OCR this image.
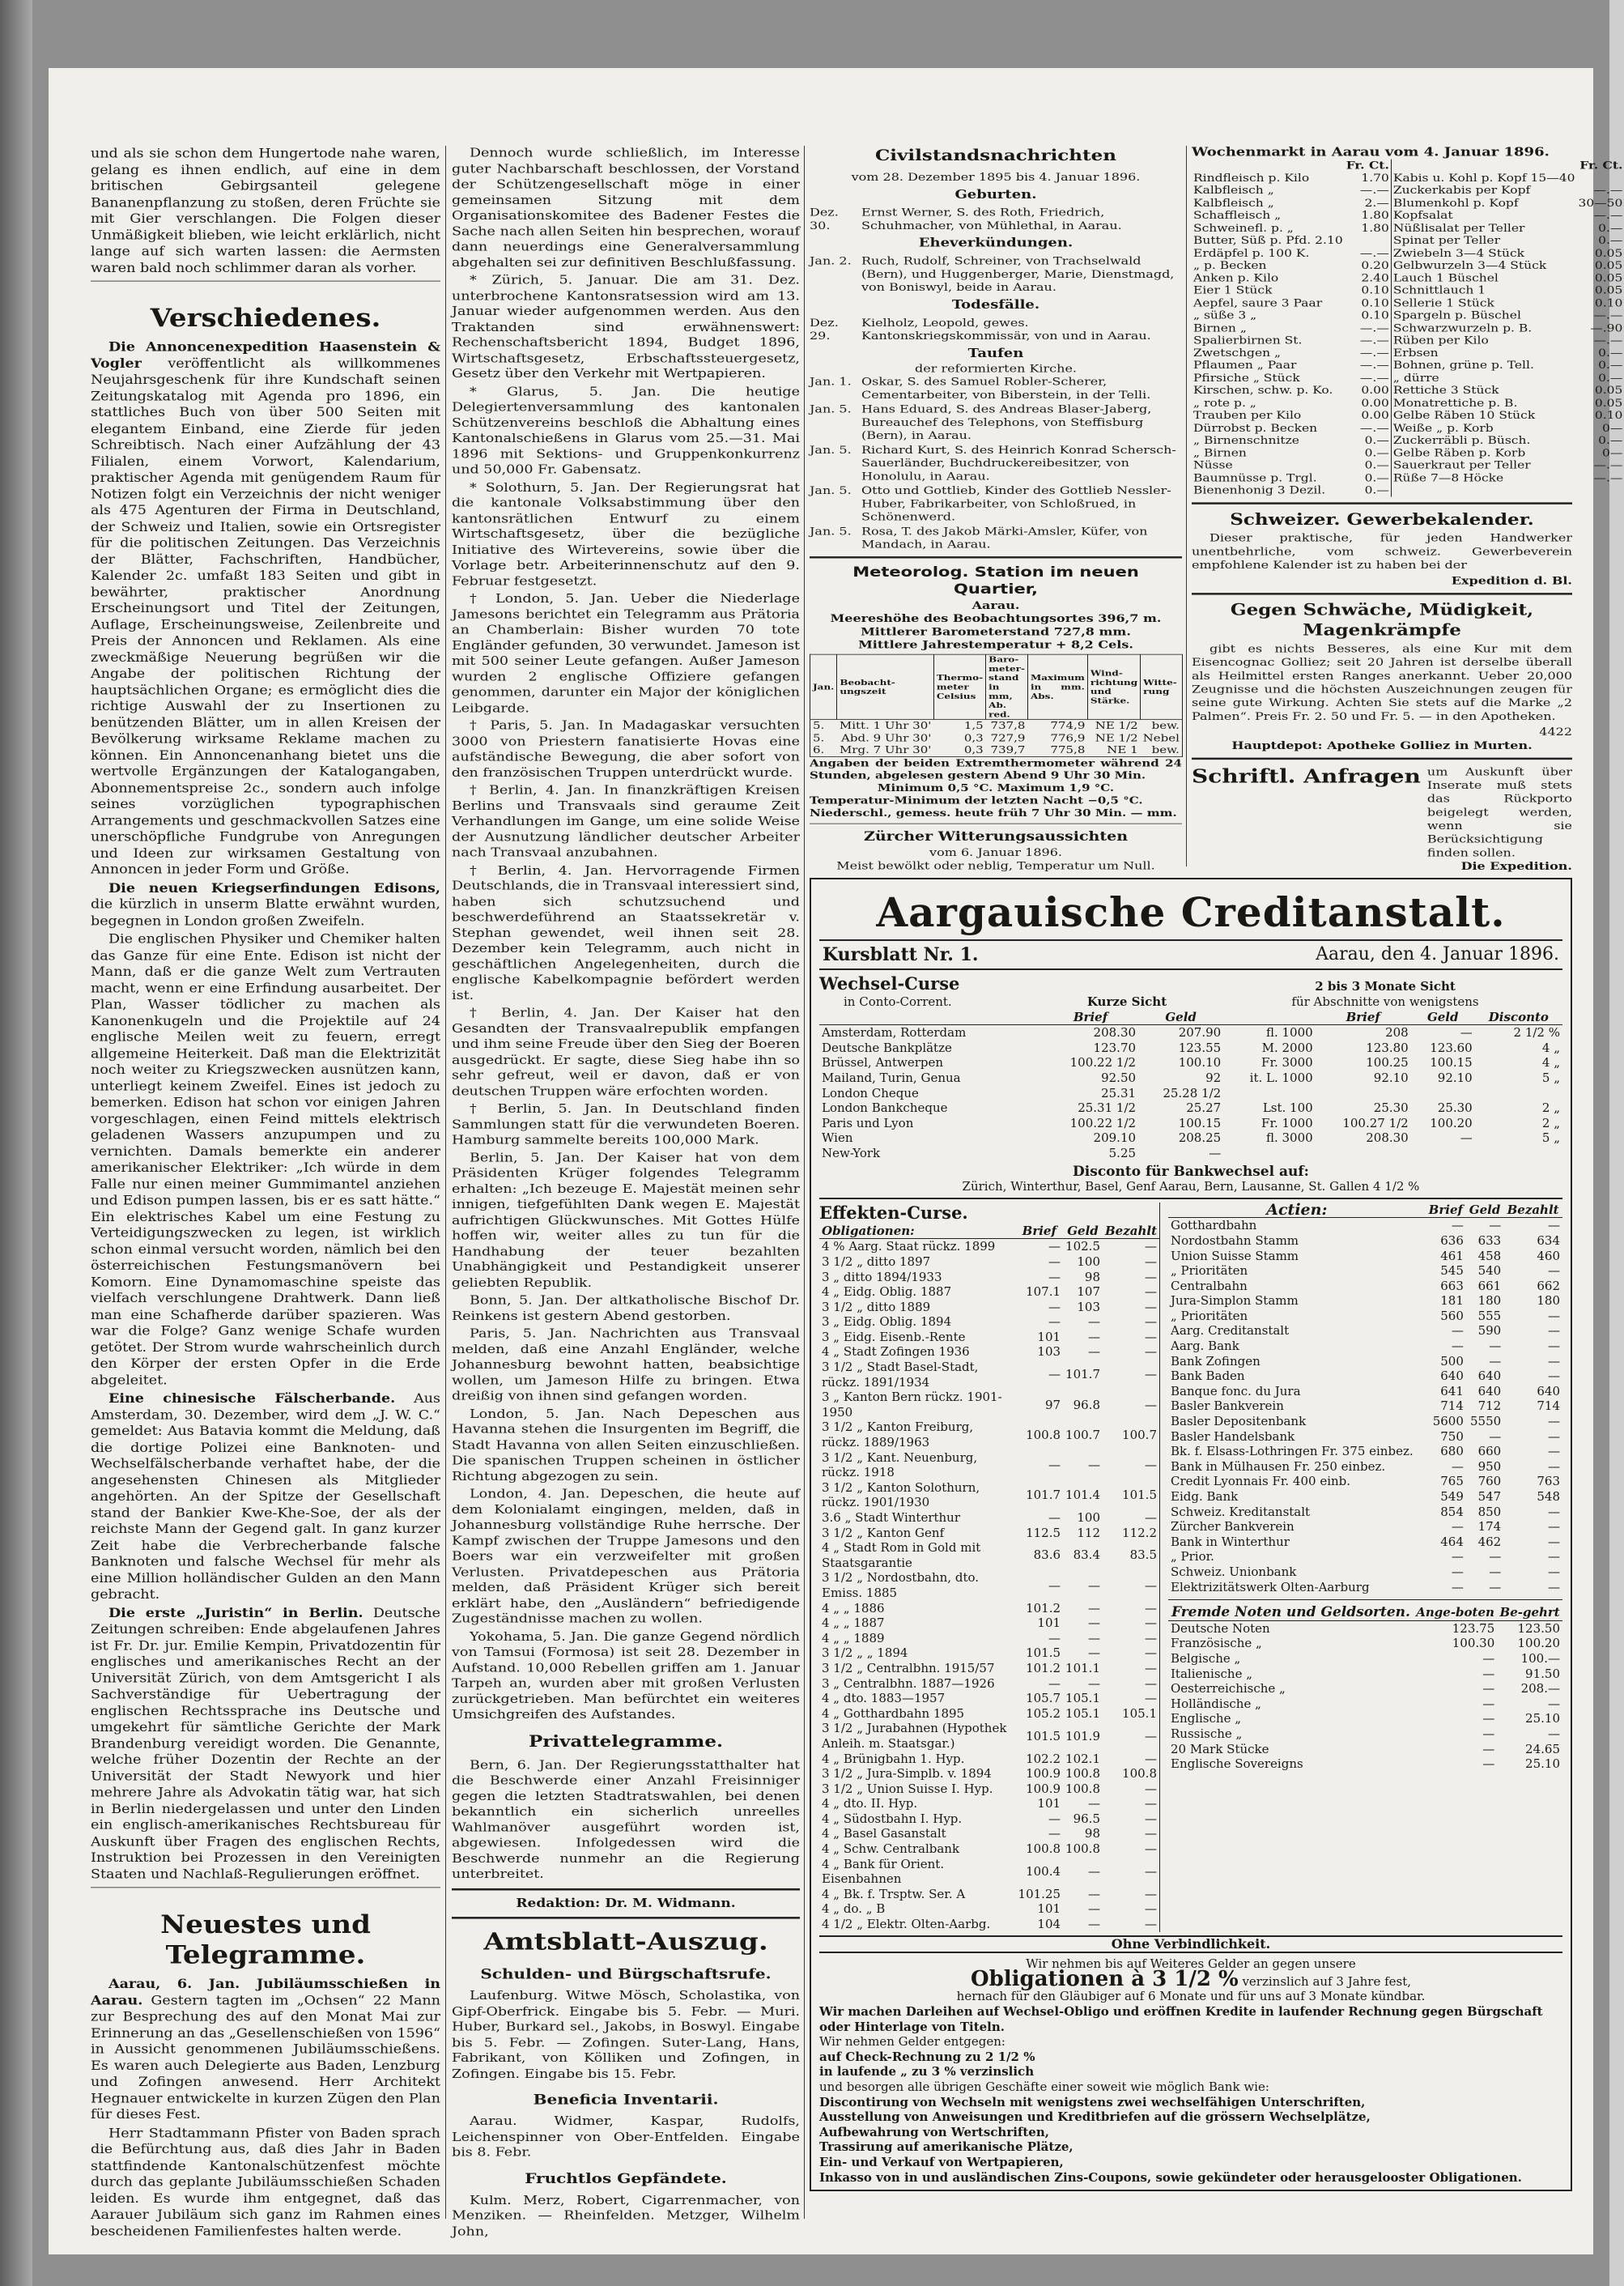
und als sie schon dem Hungertode nahe waren, gelang es ihnen endlich, auf eine in dem britischen Gebirgsanteil gelegene Bananenpflanzung zu stoßen, deren Früchte sie mit Gier verschlangen. Die Folgen dieser Unmäßigkeit blieben, wie leicht erklärlich, nicht lange auf sich warten lassen: die Aermsten waren bald noch schlimmer daran als vorher.

Verschiedenes.

Die Annoncenexpedition Haasenstein & Vogler veröffentlicht als willkommenes Neujahrsgeschenk für ihre Kundschaft seinen Zeitungskatalog mit Agenda pro 1896, ein stattliches Buch von über 500 Seiten mit elegantem Einband, eine Zierde für jeden Schreibtisch. Nach einer Aufzählung der 43 Filialen, einem Vorwort, Kalendarium, praktischer Agenda mit genügendem Raum für Notizen folgt ein Verzeichnis der nicht weniger als 475 Agenturen der Firma in Deutschland, der Schweiz und Italien, sowie ein Ortsregister für die politischen Zeitungen. Das Verzeichnis der Blätter, Fachschriften, Handbücher, Kalender 2c. umfaßt 183 Seiten und gibt in bewährter, praktischer Anordnung Erscheinungsort und Titel der Zeitungen, Auflage, Erscheinungsweise, Zeilenbreite und Preis der Annoncen und Reklamen. Als eine zweckmäßige Neuerung begrüßen wir die Angabe der politischen Richtung der hauptsächlichen Organe; es ermöglicht dies die richtige Auswahl der zu Insertionen zu benützenden Blätter, um in allen Kreisen der Bevölkerung wirksame Reklame machen zu können. Ein Annoncenanhang bietet uns die wertvolle Ergänzungen der Katalogangaben, Abonnementspreise 2c., sondern auch infolge seines vorzüglichen typographischen Arrangements und geschmackvollen Satzes eine unerschöpfliche Fundgrube von Anregungen und Ideen zur wirksamen Gestaltung von Annoncen in jeder Form und Größe.

Die neuen Kriegserfindungen Edisons, die kürzlich in unserm Blatte erwähnt wurden, begegnen in London großen Zweifeln.

Die englischen Physiker und Chemiker halten das Ganze für eine Ente. Edison ist nicht der Mann, daß er die ganze Welt zum Vertrauten macht, wenn er eine Erfindung ausarbeitet. Der Plan, Wasser tödlicher zu machen als Kanonenkugeln und die Projektile auf 24 englische Meilen weit zu feuern, erregt allgemeine Heiterkeit. Daß man die Elektrizität noch weiter zu Kriegszwecken ausnützen kann, unterliegt keinem Zweifel. Eines ist jedoch zu bemerken. Edison hat schon vor einigen Jahren vorgeschlagen, einen Feind mittels elektrisch geladenen Wassers anzupumpen und zu vernichten. Damals bemerkte ein anderer amerikanischer Elektriker: „Ich würde in dem Falle nur einen meiner Gummimantel anziehen und Edison pumpen lassen, bis er es satt hätte.“ Ein elektrisches Kabel um eine Festung zu Verteidigungszwecken zu legen, ist wirklich schon einmal versucht worden, nämlich bei den österreichischen Festungsmanövern bei Komorn. Eine Dynamomaschine speiste das vielfach verschlungene Drahtwerk. Dann ließ man eine Schafherde darüber spazieren. Was war die Folge? Ganz wenige Schafe wurden getötet. Der Strom wurde wahrscheinlich durch den Körper der ersten Opfer in die Erde abgeleitet.

Eine chinesische Fälscherbande. Aus Amsterdam, 30. Dezember, wird dem „J. W. C.“ gemeldet: Aus Batavia kommt die Meldung, daß die dortige Polizei eine Banknoten- und Wechselfälscherbande verhaftet habe, der die angesehensten Chinesen als Mitglieder angehörten. An der Spitze der Gesellschaft stand der Bankier Kwe-Khe-Soe, der als der reichste Mann der Gegend galt. In ganz kurzer Zeit habe die Verbrecherbande falsche Banknoten und falsche Wechsel für mehr als eine Million holländischer Gulden an den Mann gebracht.

Die erste „Juristin“ in Berlin. Deutsche Zeitungen schreiben: Ende abgelaufenen Jahres ist Fr. Dr. jur. Emilie Kempin, Privatdozentin für englisches und amerikanisches Recht an der Universität Zürich, von dem Amtsgericht I als Sachverständige für Uebertragung der englischen Rechtssprache ins Deutsche und umgekehrt für sämtliche Gerichte der Mark Brandenburg vereidigt worden. Die Genannte, welche früher Dozentin der Rechte an der Universität der Stadt Newyork und hier mehrere Jahre als Advokatin tätig war, hat sich in Berlin niedergelassen und unter den Linden ein englisch-amerikanisches Rechtsbureau für Auskunft über Fragen des englischen Rechts, Instruktion bei Prozessen in den Vereinigten Staaten und Nachlaß-Regulierungen eröffnet.

Neuestes und Telegramme.

Aarau, 6. Jan. Jubiläumsschießen in Aarau. Gestern tagten im „Ochsen“ 22 Mann zur Besprechung des auf den Monat Mai zur Erinnerung an das „Gesellenschießen von 1596“ in Aussicht genommenen Jubiläumsschießens. Es waren auch Delegierte aus Baden, Lenzburg und Zofingen anwesend. Herr Architekt Hegnauer entwickelte in kurzen Zügen den Plan für dieses Fest.

Herr Stadtammann Pfister von Baden sprach die Befürchtung aus, daß dies Jahr in Baden stattfindende Kantonalschützenfest möchte durch das geplante Jubiläumsschießen Schaden leiden. Es wurde ihm entgegnet, daß das Aarauer Jubiläum sich ganz im Rahmen eines bescheidenen Familienfestes halten werde.

Dennoch wurde schließlich, im Interesse guter Nachbarschaft beschlossen, der Vorstand der Schützengesellschaft möge in einer gemeinsamen Sitzung mit dem Organisationskomitee des Badener Festes die Sache nach allen Seiten hin besprechen, worauf dann neuerdings eine Generalversammlung abgehalten sei zur definitiven Beschlußfassung.

* Zürich, 5. Januar. Die am 31. Dez. unterbrochene Kantonsratsession wird am 13. Januar wieder aufgenommen werden. Aus den Traktanden sind erwähnenswert: Rechenschaftsbericht 1894, Budget 1896, Wirtschaftsgesetz, Erbschaftssteuergesetz, Gesetz über den Verkehr mit Wertpapieren.

* Glarus, 5. Jan. Die heutige Delegiertenversammlung des kantonalen Schützenvereins beschloß die Abhaltung eines Kantonalschießens in Glarus vom 25.—31. Mai 1896 mit Sektions- und Gruppenkonkurrenz und 50,000 Fr. Gabensatz.

* Solothurn, 5. Jan. Der Regierungsrat hat die kantonale Volksabstimmung über den kantonsrätlichen Entwurf zu einem Wirtschaftsgesetz, über die bezügliche Initiative des Wirtevereins, sowie über die Vorlage betr. Arbeiterinnenschutz auf den 9. Februar festgesetzt.

† London, 5. Jan. Ueber die Niederlage Jamesons berichtet ein Telegramm aus Prätoria an Chamberlain: Bisher wurden 70 tote Engländer gefunden, 30 verwundet. Jameson ist mit 500 seiner Leute gefangen. Außer Jameson wurden 2 englische Offiziere gefangen genommen, darunter ein Major der königlichen Leibgarde.

† Paris, 5. Jan. In Madagaskar versuchten 3000 von Priestern fanatisierte Hovas eine aufständische Bewegung, die aber sofort von den französischen Truppen unterdrückt wurde.

† Berlin, 4. Jan. In finanzkräftigen Kreisen Berlins und Transvaals sind geraume Zeit Verhandlungen im Gange, um eine solide Weise der Ausnutzung ländlicher deutscher Arbeiter nach Transvaal anzubahnen.

† Berlin, 4. Jan. Hervorragende Firmen Deutschlands, die in Transvaal interessiert sind, haben sich schutzsuchend und beschwerdeführend an Staatssekretär v. Stephan gewendet, weil ihnen seit 28. Dezember kein Telegramm, auch nicht in geschäftlichen Angelegenheiten, durch die englische Kabelkompagnie befördert werden ist.

† Berlin, 4. Jan. Der Kaiser hat den Gesandten der Transvaalrepublik empfangen und ihm seine Freude über den Sieg der Boeren ausgedrückt. Er sagte, diese Sieg habe ihn so sehr gefreut, weil er davon, daß er von deutschen Truppen wäre erfochten worden.

† Berlin, 5. Jan. In Deutschland finden Sammlungen statt für die verwundeten Boeren. Hamburg sammelte bereits 100,000 Mark.

Berlin, 5. Jan. Der Kaiser hat von dem Präsidenten Krüger folgendes Telegramm erhalten: „Ich bezeuge E. Majestät meinen sehr innigen, tiefgefühlten Dank wegen E. Majestät aufrichtigen Glückwunsches. Mit Gottes Hülfe hoffen wir, weiter alles zu tun für die Handhabung der teuer bezahlten Unabhängigkeit und Pestandigkeit unserer geliebten Republik.

Bonn, 5. Jan. Der altkatholische Bischof Dr. Reinkens ist gestern Abend gestorben.

Paris, 5. Jan. Nachrichten aus Transvaal melden, daß eine Anzahl Engländer, welche Johannesburg bewohnt hatten, beabsichtige wollen, um Jameson Hilfe zu bringen. Etwa dreißig von ihnen sind gefangen worden.

London, 5. Jan. Nach Depeschen aus Havanna stehen die Insurgenten im Begriff, die Stadt Havanna von allen Seiten einzuschließen. Die spanischen Truppen scheinen in östlicher Richtung abgezogen zu sein.

London, 4. Jan. Depeschen, die heute auf dem Kolonialamt eingingen, melden, daß in Johannesburg vollständige Ruhe herrsche. Der Kampf zwischen der Truppe Jamesons und den Boers war ein verzweifelter mit großen Verlusten. Privatdepeschen aus Prätoria melden, daß Präsident Krüger sich bereit erklärt habe, den „Ausländern“ befriedigende Zugeständnisse machen zu wollen.

Yokohama, 5. Jan. Die ganze Gegend nördlich von Tamsui (Formosa) ist seit 28. Dezember in Aufstand. 10,000 Rebellen griffen am 1. Januar Tarpeh an, wurden aber mit großen Verlusten zurückgetrieben. Man befürchtet ein weiteres Umsichgreifen des Aufstandes.

Privattelegramme.

Bern, 6. Jan. Der Regierungsstatthalter hat die Beschwerde einer Anzahl Freisinniger gegen die letzten Stadtratswahlen, bei denen bekanntlich ein sicherlich unreelles Wahlmanöver ausgeführt worden ist, abgewiesen. Infolgedessen wird die Beschwerde nunmehr an die Regierung unterbreitet.

Redaktion: Dr. M. Widmann.
Amtsblatt-Auszug.
Schulden- und Bürgschaftsrufe.

Laufenburg. Witwe Mösch, Scholastika, von Gipf-Oberfrick. Eingabe bis 5. Febr. — Muri. Huber, Burkard sel., Jakobs, in Boswyl. Eingabe bis 5. Febr. — Zofingen. Suter-Lang, Hans, Fabrikant, von Kölliken und Zofingen, in Zofingen. Eingabe bis 15. Febr.

Beneficia Inventarii.

Aarau. Widmer, Kaspar, Rudolfs, Leichenspinner von Ober-Entfelden. Eingabe bis 8. Febr.

Fruchtlos Gepfändete.

Kulm. Merz, Robert, Cigarrenmacher, von Menziken. — Rheinfelden. Metzger, Wilhelm John,

Civilstandsnachrichten
vom 28. Dezember 1895 bis 4. Januar 1896.
Geburten.
Dez. 30.
Ernst Werner, S. des Roth, Friedrich, Schuhmacher, von Mühlethal, in Aarau.
Eheverkündungen.
Jan. 2. Ruch, Rudolf, Schreiner, von Trachselwald (Bern), und Huggenberger, Marie, Dienstmagd, von Boniswyl, beide in Aarau.
Todesfälle.
Dez. 29.
Kielholz, Leopold, gewes. Kantonskriegskommissär, von und in Aarau.
Taufen
der reformierten Kirche.
Jan. 1. Oskar, S. des Samuel Robler-Scherer, Cementarbeiter, von Biberstein, in der Telli.
Jan. 5. Hans Eduard, S. des Andreas Blaser-Jaberg, Bureauchef des Telephons, von Steffisburg (Bern), in Aarau.
Jan. 5. Richard Kurt, S. des Heinrich Konrad Schersch-Sauerländer, Buchdruckereibesitzer, von Honolulu, in Aarau.
Jan. 5. Otto und Gottlieb, Kinder des Gottlieb Nessler-Huber, Fabrikarbeiter, von Schloßrued, in Schönenwerd.
Jan. 5. Rosa, T. des Jakob Märki-Amsler, Küfer, von Mandach, in Aarau.
Meteorolog. Station im neuen Quartier,
Aarau.
Meereshöhe des Beobachtungsortes 396,7 m.
Mittlerer Barometerstand 727,8 mm.
Mittlere Jahrestemperatur + 8,2 Cels.
Jan.	Beobacht- ungszeit	Thermo- meter Celsius	Baro- meter- stand in mm, Ab. red.	Maximum in mm. Abs.	Wind- richtung und Stärke.	Witte- rung
5.	Mitt. 1 Uhr 30'	1,5	737,8	774,9	NE 1/2	bew.
5.	Abd. 9 Uhr 30'	0,3	727,9	776,9	NE 1/2	Nebel
6.	Mrg. 7 Uhr 30'	0,3	739,7	775,8	NE 1	bew.
Angaben der beiden Extremthermometer während 24 Stunden, abgelesen gestern Abend 9 Uhr 30 Min.
Minimum 0,5 °C. Maximum 1,9 °C.
Temperatur-Minimum der letzten Nacht −0,5 °C.
Niederschl., gemess. heute früh 7 Uhr 30 Min. — mm.
Zürcher Witterungsaussichten
vom 6. Januar 1896.
Meist bewölkt oder neblig, Temperatur um Null.
Wochenmarkt in Aarau vom 4. Januar 1896.
	Fr. Ct.
Rindfleisch p. Kilo	1.70
Kalbfleisch „	—.—
Kalbfleisch „	2.—
Schaffleisch „	1.80
Schweinefl. p. „	1.80
Butter, Süß p. Pfd. 2.10	
Erdäpfel p. 100 K.	—.—
„ p. Becken	0.20
Anken p. Kilo	2.40
Eier 1 Stück	0.10
Aepfel, saure 3 Paar	0.10
„ süße 3 „	0.10
Birnen „	—.—
Spalierbirnen St.	—.—
Zwetschgen „	—.—
Pflaumen „ Paar	—.—
Pfirsiche „ Stück	—.—
Kirschen, schw. p. Ko.	0.00
„ rote p. „	0.00
Trauben per Kilo	0.00
Dürrobst p. Becken	—.—
„ Birnenschnitze	0.—
„ Birnen	0.—
Nüsse	0.—
Baumnüsse p. Trgl.	0.—
Bienenhonig 3 Dezil.	0.—
	Fr. Ct.
Kabis u. Kohl p. Kopf 15—40	
Zuckerkabis per Kopf	—.—
Blumenkohl p. Kopf	30—50
Kopfsalat	—.—
Nüßlisalat per Teller	0.—
Spinat per Teller	0.—
Zwiebeln 3—4 Stück	0.05
Gelbwurzeln 3—4 Stück	0.05
Lauch 1 Büschel	0.05
Schnittlauch 1	0.05
Sellerie 1 Stück	0.10
Spargeln p. Büschel	—.—
Schwarzwurzeln p. B.	—.90
Rüben per Kilo	—.—
Erbsen	0.—
Bohnen, grüne p. Tell.	0.—
„ dürre	0.—
Rettiche 3 Stück	0.05
Monatrettiche p. B.	0.05
Gelbe Räben 10 Stück	0.10
Weiße „ p. Korb	0—
Zuckerräbli p. Büsch.	0.—
Gelbe Räben p. Korb	0—
Sauerkraut per Teller	—.—
Rüße 7—8 Höcke	—.—
Schweizer. Gewerbekalender.

Dieser praktische, für jeden Handwerker unentbehrliche, vom schweiz. Gewerbeverein empfohlene Kalender ist zu haben bei der

Expedition d. Bl.
Gegen Schwäche, Müdigkeit, Magenkrämpfe

gibt es nichts Besseres, als eine Kur mit dem Eisencognac Golliez; seit 20 Jahren ist derselbe überall als Heilmittel ersten Ranges anerkannt. Ueber 20,000 Zeugnisse und die höchsten Auszeichnungen zeugen für seine gute Wirkung. Achten Sie stets auf die Marke „2 Palmen“. Preis Fr. 2. 50 und Fr. 5. — in den Apotheken.

4422
Hauptdepot: Apotheke Golliez in Murten.
Schriftl. Anfragen um Auskunft über Inserate muß stets das Rückporto beigelegt werden, wenn sie Berücksichtigung finden sollen.
Die Expedition.
Aargauische Creditanstalt.
Kursblatt Nr. 1.	Aarau, den 4. Januar 1896.
Wechsel-Curse
in Conto-Corrent.	Kurze Sicht
2 bis 3 Monate Sicht
für Abschnitte von wenigstens
	Brief	Geld		Brief	Geld	Disconto
Amsterdam, Rotterdam	208.30	207.90	fl. 1000	208	—	2 1/2 %
Deutsche Bankplätze	123.70	123.55	M. 2000	123.80	123.60	4 „
Brüssel, Antwerpen	100.22 1/2	100.10	Fr. 3000	100.25	100.15	4 „
Mailand, Turin, Genua	92.50	92	it. L. 1000	92.10	92.10	5 „
London Cheque	25.31	25.28 1/2				
London Bankcheque	25.31 1/2	25.27	Lst. 100	25.30	25.30	2 „
Paris und Lyon	100.22 1/2	100.15	Fr. 1000	100.27 1/2	100.20	2 „
Wien	209.10	208.25	fl. 3000	208.30	—	5 „
New-York	5.25	—				
Disconto für Bankwechsel auf:
Zürich, Winterthur, Basel, Genf Aarau, Bern, Lausanne, St. Gallen 4 1/2 %
Effekten-Curse.
Obligationen:	Brief	Geld	Bezahlt
4 % Aarg. Staat rückz. 1899	—	102.5	—
3 1/2 „ ditto 1897	—	100	—
3 „ ditto 1894/1933	—	98	—
4 „ Eidg. Oblig. 1887	107.1	107	—
3 1/2 „ ditto 1889	—	103	—
3 „ Eidg. Oblig. 1894	—	—	—
3 „ Eidg. Eisenb.-Rente	101	—	—
4 „ Stadt Zofingen 1936	103	—	—
3 1/2 „ Stadt Basel-Stadt, rückz. 1891/1934	—	101.7	—
3 „ Kanton Bern rückz. 1901-1950	97	96.8	—
3 1/2 „ Kanton Freiburg, rückz. 1889/1963	100.8	100.7	100.7
3 1/2 „ Kant. Neuenburg, rückz. 1918	—	—	—
3 1/2 „ Kanton Solothurn, rückz. 1901/1930	101.7	101.4	101.5
3.6 „ Stadt Winterthur	—	100	—
3 1/2 „ Kanton Genf	112.5	112	112.2
4 „ Stadt Rom in Gold mit Staatsgarantie	83.6	83.4	83.5
3 1/2 „ Nordostbahn, dto. Emiss. 1885	—	—	—
4 „ „ 1886	101.2	—	—
4 „ „ 1887	101	—	—
4 „ „ 1889	—	—	—
3 1/2 „ „ 1894	101.5	—	—
3 1/2 „ Centralbhn. 1915/57	101.2	101.1	—
3 „ Centralbhn. 1887—1926	—	—	—
4 „ dto. 1883—1957	105.7	105.1	—
4 „ Gotthardbahn 1895	105.2	105.1	105.1
3 1/2 „ Jurabahnen (Hypothek Anleih. m. Staatsgar.)	101.5	101.9	—
4 „ Brünigbahn 1. Hyp.	102.2	102.1	—
3 1/2 „ Jura-Simplb. v. 1894	100.9	100.8	100.8
3 1/2 „ Union Suisse I. Hyp.	100.9	100.8	—
4 „ dto. II. Hyp.	101	—	—
4 „ Südostbahn I. Hyp.	—	96.5	—
4 „ Basel Gasanstalt	—	98	—
4 „ Schw. Centralbank	100.8	100.8	—
4 „ Bank für Orient. Eisenbahnen	100.4	—	—
4 „ Bk. f. Trsptw. Ser. A	101.25	—	—
4 „ do. „ B	101	—	—
4 1/2 „ Elektr. Olten-Aarbg.	104	—	—
Actien:	Brief	Geld	Bezahlt
Gotthardbahn	—	—	—
Nordostbahn Stamm	636	633	634
Union Suisse Stamm	461	458	460
„ Prioritäten	545	540	—
Centralbahn	663	661	662
Jura-Simplon Stamm	181	180	180
„ Prioritäten	560	555	—
Aarg. Creditanstalt	—	590	—
Aarg. Bank	—	—	—
Bank Zofingen	500	—	—
Bank Baden	640	640	—
Banque fonc. du Jura	641	640	640
Basler Bankverein	714	712	714
Basler Depositenbank	5600	5550	—
Basler Handelsbank	750	—	—
Bk. f. Elsass-Lothringen Fr. 375 einbez.	680	660	—
Bank in Mülhausen Fr. 250 einbez.	—	950	—
Credit Lyonnais Fr. 400 einb.	765	760	763
Eidg. Bank	549	547	548
Schweiz. Kreditanstalt	854	850	—
Zürcher Bankverein	—	174	—
Bank in Winterthur	464	462	—
„ Prior.	—	—	—
Schweiz. Unionbank	—	—	—
Elektrizitätswerk Olten-Aarburg	—	—	—
Fremde Noten und Geldsorten.	Ange-boten	Be-gehrt
Deutsche Noten	123.75	123.50
Französische „	100.30	100.20
Belgische „	—	100.—
Italienische „	—	91.50
Oesterreichische „	—	208.—
Holländische „	—	—
Englische „	—	25.10
Russische „	—	—
20 Mark Stücke	—	24.65
Englische Sovereigns	—	25.10
Ohne Verbindlichkeit.
Wir nehmen bis auf Weiteres Gelder an gegen unsere
Obligationen à 3 1/2 % verzinslich auf 3 Jahre fest,
hernach für den Gläubiger auf 6 Monate und für uns auf 3 Monate kündbar.
Wir machen Darleihen auf Wechsel-Obligo und eröffnen Kredite in laufender Rechnung gegen Bürgschaft oder Hinterlage von Titeln.
Wir nehmen Gelder entgegen:
auf Check-Rechnung zu 2 1/2 %
in laufende „ zu 3 % verzinslich
und besorgen alle übrigen Geschäfte einer soweit wie möglich Bank wie:
Discontirung von Wechseln mit wenigstens zwei wechselfähigen Unterschriften,
Ausstellung von Anweisungen und Kreditbriefen auf die grössern Wechselplätze,
Aufbewahrung von Wertschriften,
Trassirung auf amerikanische Plätze,
Ein- und Verkauf von Wertpapieren,
Inkasso von in und ausländischen Zins-Coupons, sowie gekündeter oder herausgelooster Obligationen.
